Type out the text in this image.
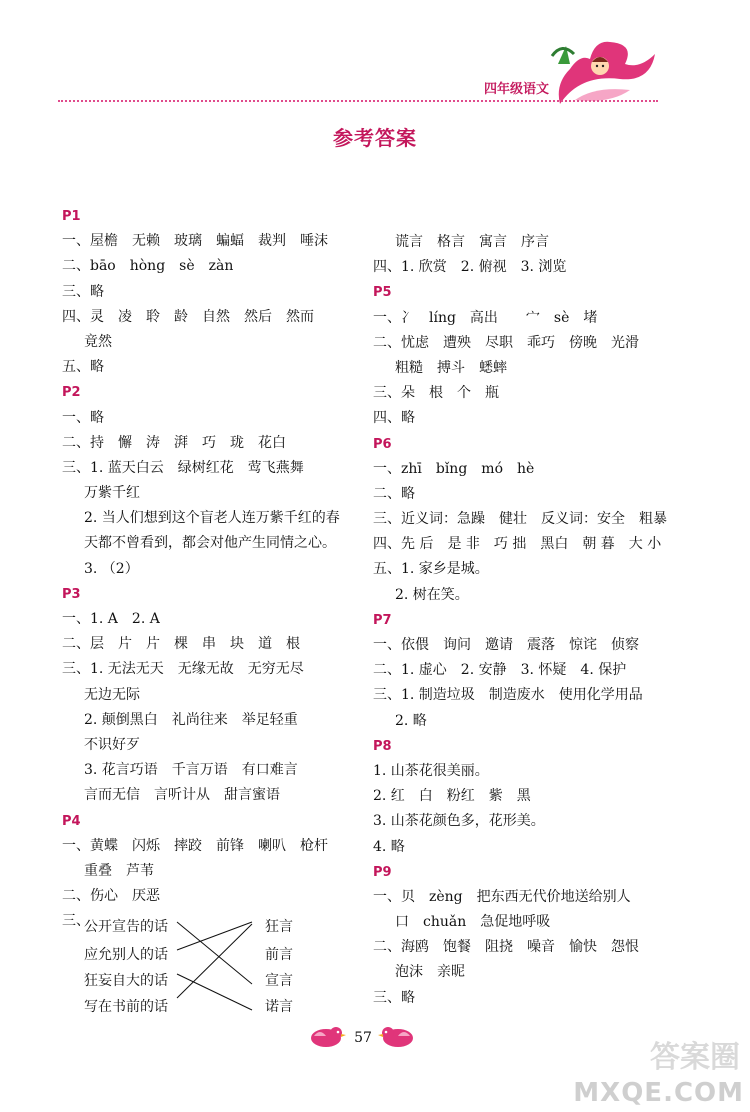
四年级语文
参考答案
P1
一、屋檐　无赖　玻璃　蝙蝠　裁判　唾沫
二、bāo　hòng　sè　zàn
三、略
四、灵　凌　聆　龄　自然　然后　然而
竟然
五、略
P2
一、略
二、持　懈　涛　湃　巧　珑　花白
三、1. 蓝天白云　绿树红花　莺飞燕舞
万紫千红
2. 当人们想到这个盲老人连万紫千红的春
天都不曾看到，都会对他产生同情之心。
3. （2）
P3
一、1. A　2. A
二、层　片　片　棵　串　块　道　根
三、1. 无法无天　无缘无故　无穷无尽
无边无际
2. 颠倒黑白　礼尚往来　举足轻重
不识好歹
3. 花言巧语　千言万语　有口难言
言而无信　言听计从　甜言蜜语
P4
一、黄蝶　闪烁　摔跤　前锋　喇叭　枪杆
重叠　芦苇
二、伤心　厌恶
三、
公开宣告的话
应允别人的话
狂妄自大的话
写在书前的话
狂言
前言
宣言
诺言
谎言　格言　寓言　序言
四、1. 欣赏　2. 俯视　3. 浏览
P5
一、冫　líng　高出　　宀　sè　堵
二、忧虑　遭殃　尽职　乖巧　傍晚　光滑
粗糙　搏斗　蟋蟀
三、朵　根　个　瓶
四、略
P6
一、zhī　bǐng　mó　hè
二、略
三、近义词：急躁　健壮　反义词：安全　粗暴
四、先 后　是 非　巧 拙　黑白　朝 暮　大 小
五、1. 家乡是城。
2. 树在笑。
P7
一、依偎　询问　邀请　震落　惊诧　侦察
二、1. 虚心　2. 安静　3. 怀疑　4. 保护
三、1. 制造垃圾　制造废水　使用化学用品
2. 略
P8
1. 山茶花很美丽。
2. 红　白　粉红　紫　黑
3. 山茶花颜色多，花形美。
4. 略
P9
一、贝　zèng　把东西无代价地送给别人
口　chuǎn　急促地呼吸
二、海鸥　饱餐　阻挠　噪音　愉快　怨恨
泡沫　亲昵
三、略
57
答案圈
MXQE.COM
